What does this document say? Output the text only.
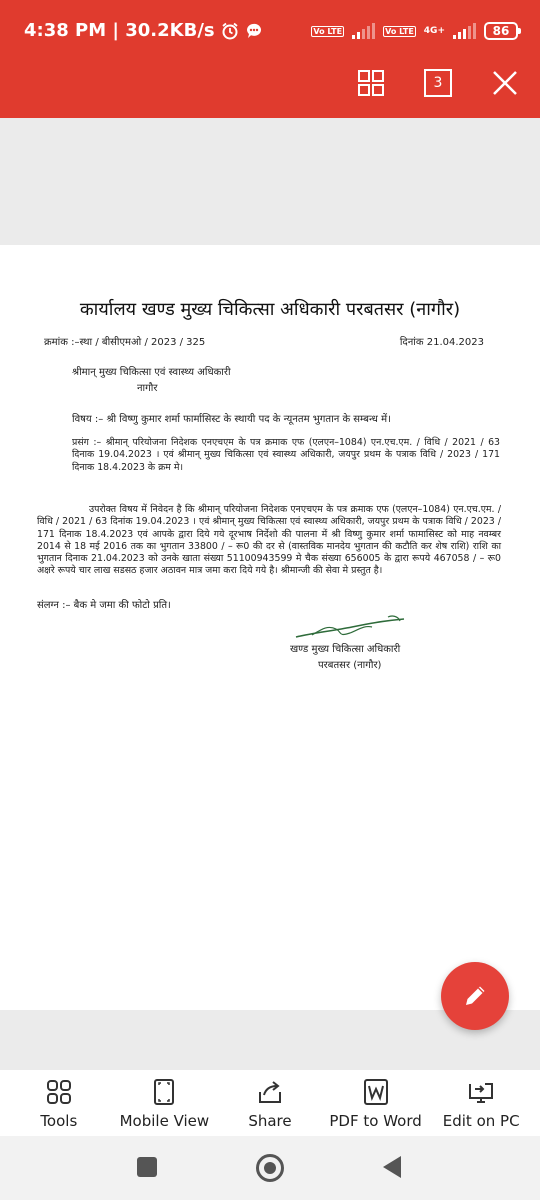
4:38 PM | 30.2KB/s	Vo LTE	Vo LTE 4G+	86
3
कार्यालय खण्ड मुख्य चिकित्सा अधिकारी परबतसर (नागौर)
क्रमांक :–स्था / बीसीएमओ / 2023 / 325	दिनांक 21.04.2023
श्रीमान् मुख्य चिकित्सा एवं स्वास्थ्य अधिकारी
नागौर
विषय :– श्री विष्णु कुमार शर्मा फार्मासिस्ट के स्थायी पद के न्यूनतम भुगतान के सम्बन्ध में।
प्रसंग :– श्रीमान् परियोजना निदेशक एनएचएम के पत्र क्रमाक एफ (एलएन–1084) एन.एच.एम. / विधि / 2021 / 63 दिनाक 19.04.2023 । एवं श्रीमान् मुख्य चिकित्सा एवं स्वास्थ्य अधिकारी, जयपुर प्रथम के पत्राक विधि / 2023 / 171 दिनाक 18.4.2023 के क्रम मे।
उपरोक्त विषय में निवेदन है कि श्रीमान् परियोजना निदेशक एनएचएम के पत्र क्रमाक एफ (एलएन–1084) एन.एच.एम. / विधि / 2021 / 63 दिनांक 19.04.2023 । एवं श्रीमान् मुख्य चिकित्सा एवं स्वास्थ्य अधिकारी, जयपुर प्रथम के पत्राक विधि / 2023 / 171 दिनाक 18.4.2023 एवं आपके द्वारा दिये गये दूरभाष निर्देशो की पालना में श्री विष्णु कुमार शर्मा फामासिस्ट को माह नवम्बर 2014 से 18 मई 2016 तक का भुगतान 33800 / – रू0 की दर से (वास्तविक मानदेय भुगतान की कटौति कर शेष राशि) राशि का भुगतान दिनाक 21.04.2023 को उनके खाता संख्या 51100943599 मे चैक संख्या 656005 के द्वारा रूपये 467058 / – रू0 अक्षरे रूपये चार लाख सडसठ हजार अठावन मात्र जमा करा दिये गये है। श्रीमान्जी की सेवा मे प्रस्तुत है।
संलग्न :– बैक मे जमा की फोटो प्रति।
खण्ड मुख्य चिकित्सा अधिकारी
परबतसर (नागौर)
Tools	Mobile View	Share	PDF to Word Edit on PC
